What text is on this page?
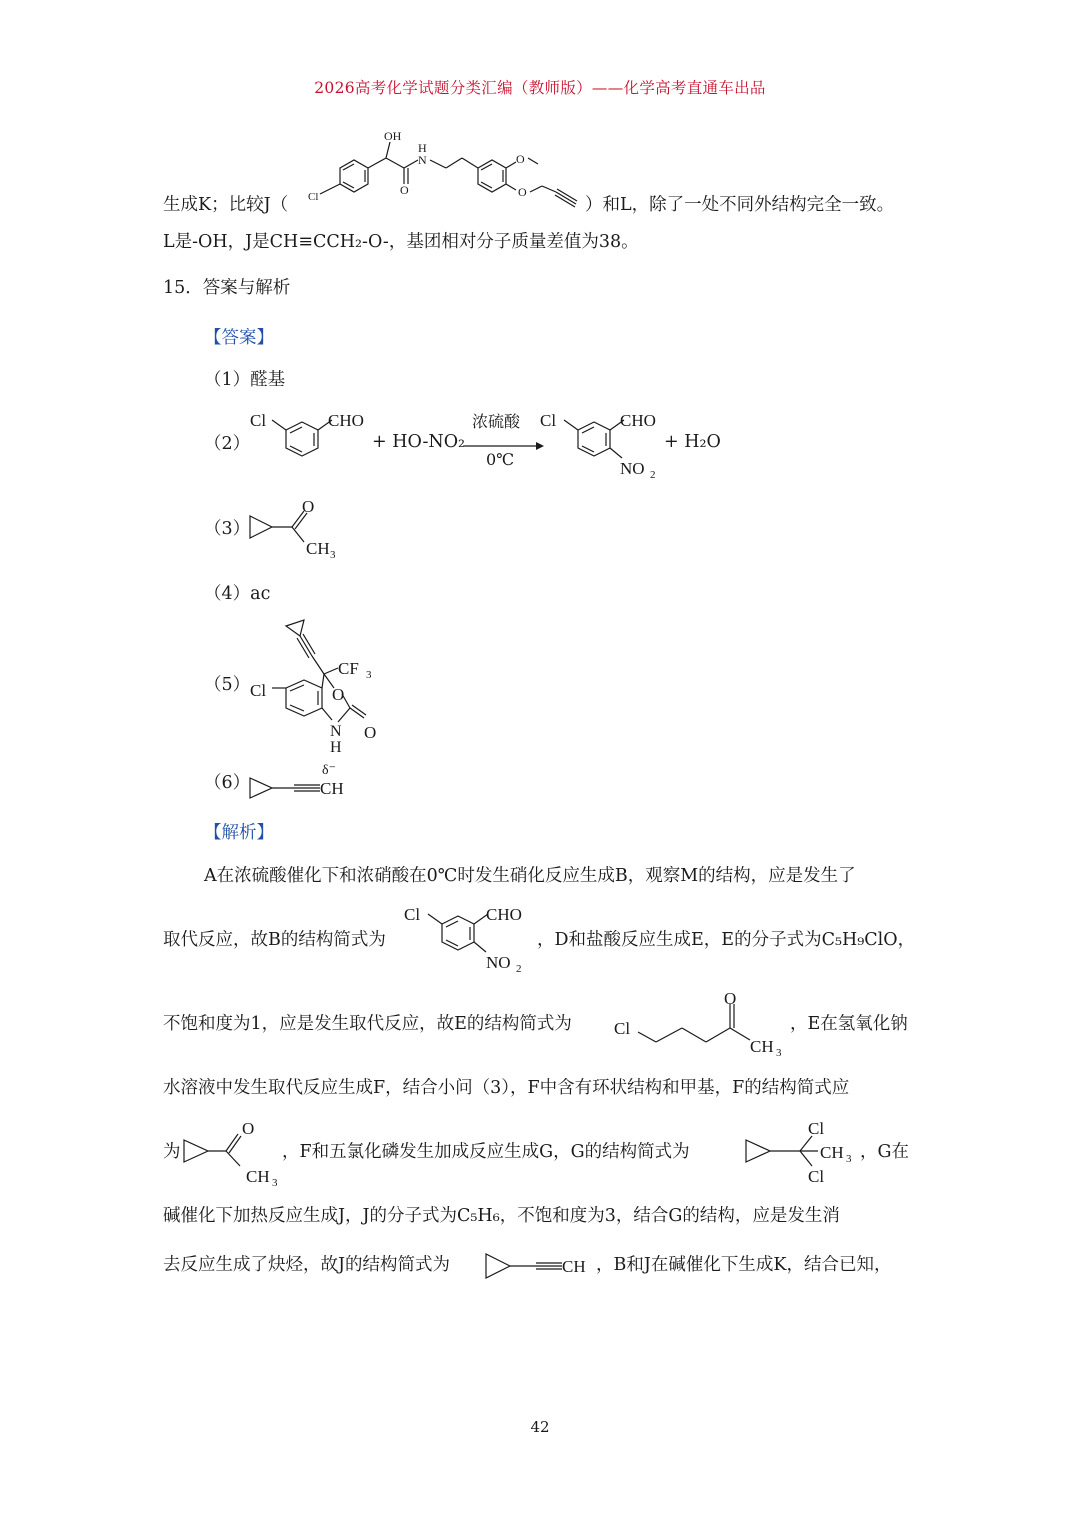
2026高考化学试题分类汇编（教师版）——化学高考直通车出品
OH
H
N
O
Cl
O
O
生成K；比较J（	）和L，除了一处不同外结构完全一致。
L是-OH，J是CH≡CCH₂-O-，基团相对分子质量差值为38。
15．答案与解析
【答案】
（1）醛基
（2）
Cl	CHO
+ HO-NO₂
浓硫酸
0℃
Cl	CHO
NO 2
+ H₂O
（3）
O
CH 3
（4）ac
（5）
CF 3
Cl	O
O
N
H
（6）	CH
δ⁻
【解析】
A在浓硫酸催化下和浓硝酸在0℃时发生硝化反应生成B，观察M的结构，应是发生了
取代反应，故B的结构简式为
Cl	CHO
NO 2
，D和盐酸反应生成E，E的分子式为C₅H₉ClO，
不饱和度为1，应是发生取代反应，故E的结构简式为 Cl
O
CH 3
，E在氢氧化钠
水溶液中发生取代反应生成F，结合小问（3），F中含有环状结构和甲基，F的结构简式应
为
O
CH 3
，F和五氯化磷发生加成反应生成G，G的结构简式为
Cl
CH 3
Cl
，G在
碱催化下加热反应生成J，J的分子式为C₅H₆，不饱和度为3，结合G的结构，应是发生消
去反应生成了炔烃，故J的结构简式为	CH ，B和J在碱催化下生成K，结合已知，
42
